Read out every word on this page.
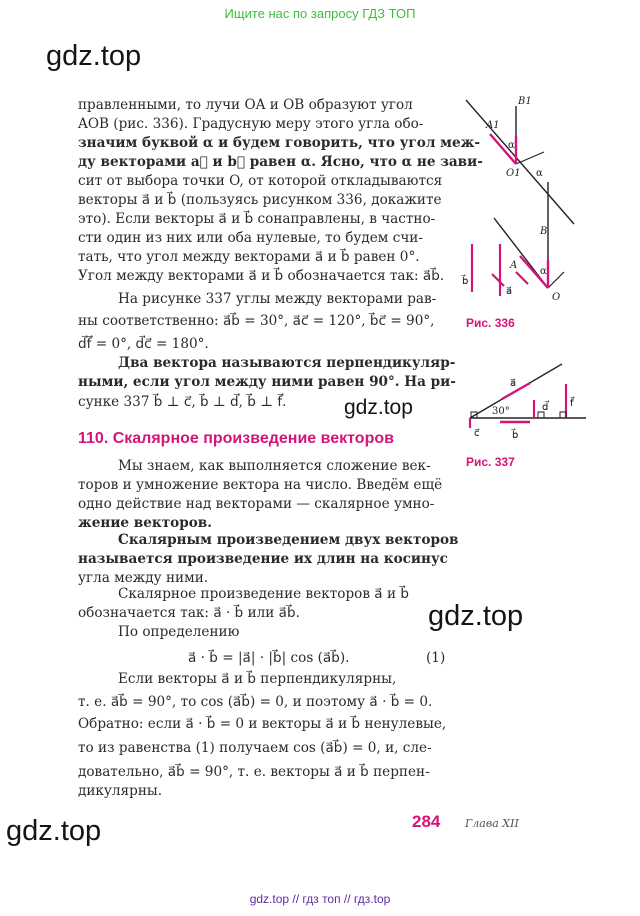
Ищите нас по запросу ГДЗ ТОП
gdz.top
gdz.top
gdz.top
gdz.top
правленными, то лучи OA и OB образуют угол
AOB (рис. 336). Градусную меру этого угла обо-
значим буквой α и будем говорить, что угол меж-
ду векторами a⃗ и b⃗ равен α. Ясно, что α не зави-
сит от выбора точки O, от которой откладываются
векторы a⃗ и b⃗ (пользуясь рисунком 336, докажите
это). Если векторы a⃗ и b⃗ сонаправлены, в частно-
сти один из них или оба нулевые, то будем счи-
тать, что угол между векторами a⃗ и b⃗ равен 0°.
Угол между векторами a⃗ и b⃗ обозначается так: a⃗b⃗.
На рисунке 337 углы между векторами рав-
ны соответственно: a⃗b⃗ = 30°, a⃗c⃗ = 120°, b⃗c⃗ = 90°,
d⃗f⃗ = 0°, d⃗c⃗ = 180°.
Два вектора называются перпендикуляр-
ными, если угол между ними равен 90°. На ри-
сунке 337 b⃗ ⊥ c⃗, b⃗ ⊥ d⃗, b⃗ ⊥ f⃗.
Мы знаем, как выполняется сложение век-
торов и умножение вектора на число. Введём ещё
одно действие над векторами — скалярное умно-
жение векторов.
Скалярным произведением двух векторов
называется произведение их длин на косинус
угла между ними.
Скалярное произведение векторов a⃗ и b⃗
обозначается так: a⃗ · b⃗ или a⃗b⃗.
По определению
a⃗ · b⃗ = |a⃗| · |b⃗| cos (a⃗b⃗).	(1)
Если векторы a⃗ и b⃗ перпендикулярны,
т. е. a⃗b⃗ = 90°, то cos (a⃗b⃗) = 0, и поэтому a⃗ · b⃗ = 0.
Обратно: если a⃗ · b⃗ = 0 и векторы a⃗ и b⃗ ненулевые,
то из равенства (1) получаем cos (a⃗b⃗) = 0, и, сле-
довательно, a⃗b⃗ = 90°, т. е. векторы a⃗ и b⃗ перпен-
дикулярны.
110. Скалярное произведение векторов
A1
B1
O1
α
α
B
A
O
α
b⃗
a⃗
Рис. 336
30°
a⃗
b⃗
c⃗
d⃗ f⃗
Рис. 337
284 Глава XII
gdz.top // гдз топ // гдз.top
